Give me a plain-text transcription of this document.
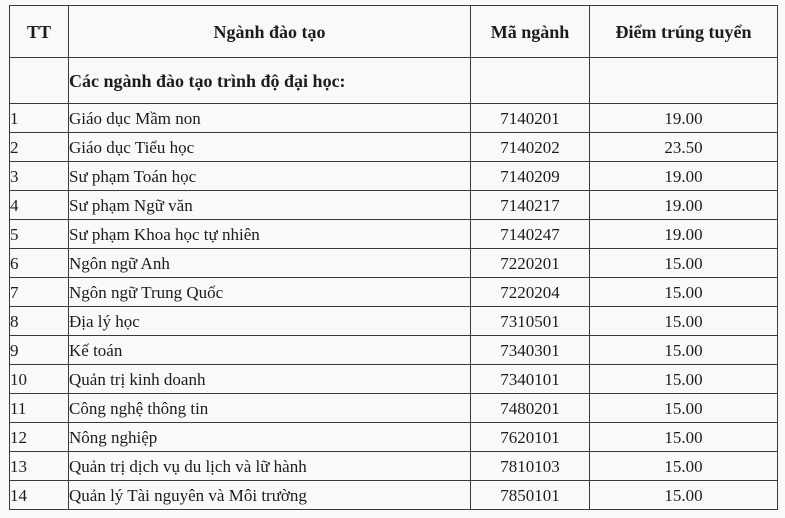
TT	Ngành đào tạo	Mã ngành	Điểm trúng tuyển
	Các ngành đào tạo trình độ đại học:		
1	Giáo dục Mầm non	7140201	19.00
2	Giáo dục Tiểu học	7140202	23.50
3	Sư phạm Toán học	7140209	19.00
4	Sư phạm Ngữ văn	7140217	19.00
5	Sư phạm Khoa học tự nhiên	7140247	19.00
6	Ngôn ngữ Anh	7220201	15.00
7	Ngôn ngữ Trung Quốc	7220204	15.00
8	Địa lý học	7310501	15.00
9	Kế toán	7340301	15.00
10	Quản trị kinh doanh	7340101	15.00
11	Công nghệ thông tin	7480201	15.00
12	Nông nghiệp	7620101	15.00
13	Quản trị dịch vụ du lịch và lữ hành	7810103	15.00
14	Quản lý Tài nguyên và Môi trường	7850101	15.00
